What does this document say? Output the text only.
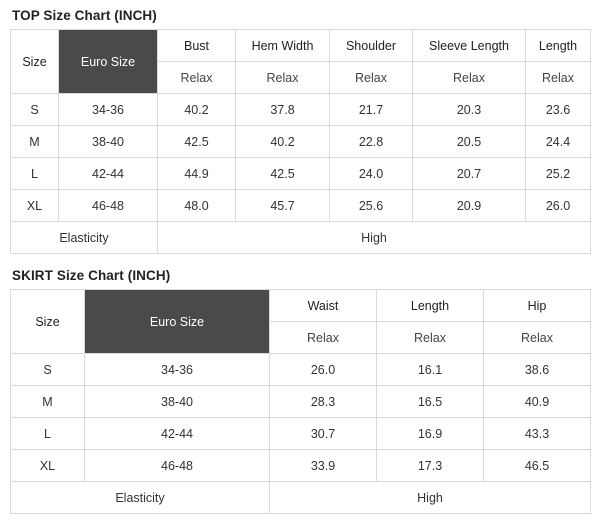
TOP Size Chart (INCH)
Size	Euro Size	Bust	Hem Width	Shoulder	Sleeve Length	Length
		Relax	Relax	Relax	Relax	Relax
S	34-36	40.2	37.8	21.7	20.3	23.6
M	38-40	42.5	40.2	22.8	20.5	24.4
L	42-44	44.9	42.5	24.0	20.7	25.2
XL	46-48	48.0	45.7	25.6	20.9	26.0
Elasticity		High				
SKIRT Size Chart (INCH)
Size	Euro Size	Waist	Length	Hip
		Relax	Relax	Relax
S	34-36	26.0	16.1	38.6
M	38-40	28.3	16.5	40.9
L	42-44	30.7	16.9	43.3
XL	46-48	33.9	17.3	46.5
Elasticity		High		
